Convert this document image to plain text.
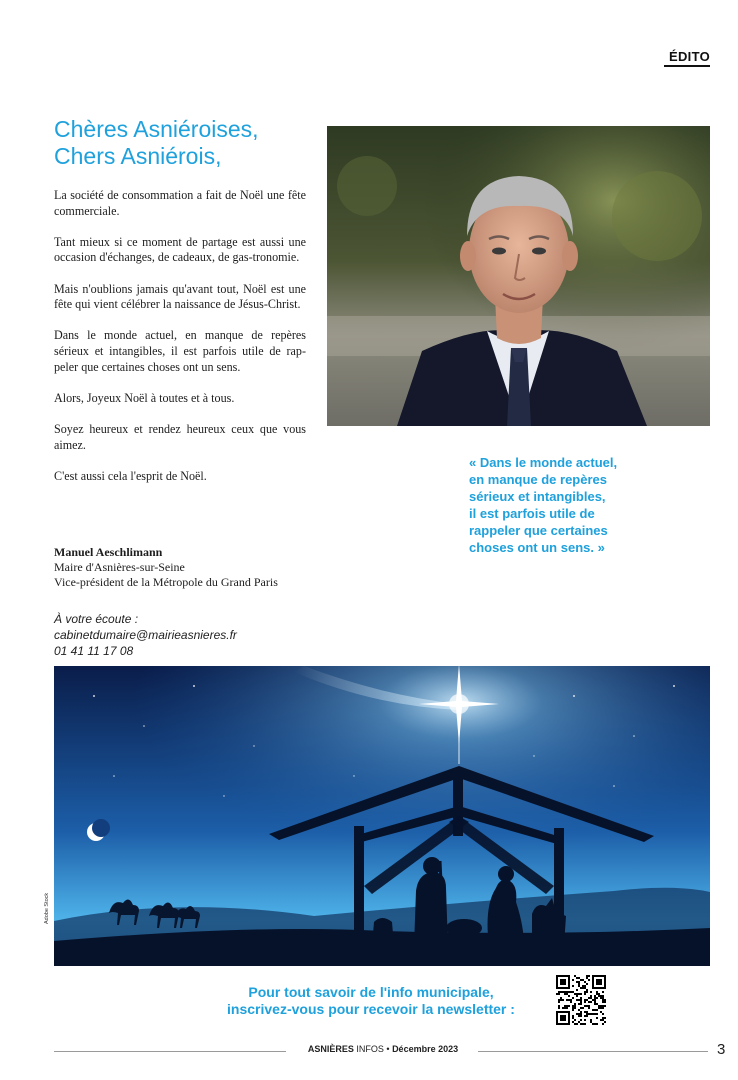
ÉDITO
Chères Asniéroises,
Chers Asniérois,

La société de consommation a fait de Noël une fête commerciale.

Tant mieux si ce moment de partage est aussi une occasion d'échanges, de cadeaux, de gas-tronomie.

Mais n'oublions jamais qu'avant tout, Noël est une fête qui vient célébrer la naissance de Jésus-Christ.

Dans le monde actuel, en manque de repères sérieux et intangibles, il est parfois utile de rap-peler que certaines choses ont un sens.

Alors, Joyeux Noël à toutes et à tous.

Soyez heureux et rendez heureux ceux que vous aimez.

C'est aussi cela l'esprit de Noël.

Manuel Aeschlimann
Maire d'Asnières-sur-Seine
Vice-président de la Métropole du Grand Paris
À votre écoute :
cabinetdumaire@mairieasnieres.fr
01 41 11 17 08
« Dans le monde actuel,
en manque de repères
sérieux et intangibles,
il est parfois utile de
rappeler que certaines
choses ont un sens. »
Adobe Stock
Pour tout savoir de l'info municipale,
inscrivez-vous pour recevoir la newsletter :
ASNIÈRES INFOS • Décembre 2023	3
